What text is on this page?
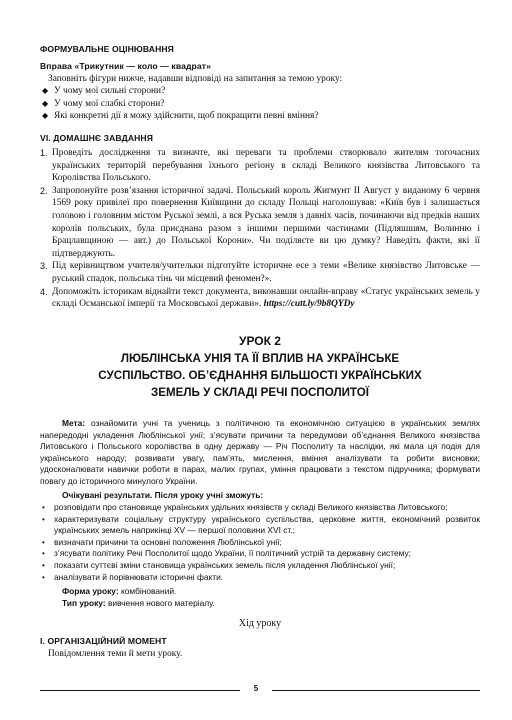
ФОРМУВАЛЬНЕ ОЦІНЮВАННЯ
Вправа «Трикутник — коло — квадрат»
Заповніть фігури нижче, надавши відповіді на запитання за темою уроку:
◆ У чому мої сильні сторони?
◆ У чому мої слабкі сторони?
◆ Які конкретні дії я можу здійснити, щоб покращити певні вміння?
VI. ДОМАШНЄ ЗАВДАННЯ
1. Проведіть дослідження та визначте, які переваги та проблеми створювало жителям тогочасних українських територій перебування їхнього регіону в складі Великого князівства Литовського та Королівства Польського.
2. Запропонуйте розв’язання історичної задачі. Польський король Жигмунт ІІ Август у виданому 6 червня 1569 року привілеї про повернення Київщини до складу Польщі наголошував: «Київ був і залишається головою і головним містом Руської землі, а вся Руська земля з давніх часів, починаючи від предків наших королів польських, була приєднана разом з іншими першими частинами (Підляшшям, Волинню і Брацлавщиною — авт.) до Польської Корони». Чи поділяєте ви цю думку? Наведіть факти, які її підтверджують.
3. Під керівництвом учителя/учительки підготуйте історичне есе з теми «Велике князівство Литовське — руський спадок, польська тінь чи місцевий феномен?».
4. Допоможіть історикам віднайти текст документа, виконавши онлайн-вправу «Статус українських земель у складі Османської імперії та Московської держави». https://cutt.ly/9b8QYDy
УРОК 2
ЛЮБЛІНСЬКА УНІЯ ТА ЇЇ ВПЛИВ НА УКРАЇНСЬКЕ
СУСПІЛЬСТВО. ОБ’ЄДНАННЯ БІЛЬШОСТІ УКРАЇНСЬКИХ
ЗЕМЕЛЬ У СКЛАДІ РЕЧІ ПОСПОЛИТОЇ

Мета: ознайомити учні та учениць з політичною та економічною ситуацією в українських землях напередодні укладення Люблінської унії; з’ясувати причини та передумови об’єднання Великого князівства Литовського і Польського королівства в одну державу — Річ Посполиту та наслідки, які мала ця подія для українського народу; розвивати увагу, пам’ять, мислення, вміння аналізувати та робити висновки; удосконалювати навички роботи в парах, малих групах, уміння працювати з текстом підручника; формувати повагу до історичного минулого України.

Очікувані результати. Після уроку учні зможуть:
• розповідати про становище українських удільних князівств у складі Великого князівства Литовського;
• характеризувати соціальну структуру українського суспільства, церковне життя, економічний розвиток українських земель наприкінці XV — першої половини XVI ст.;
• визначати причини та основні положення Люблінської унії;
• з’ясувати політику Речі Посполитої щодо України, її політичний устрій та державну систему;
• показати суттєві зміни становища українських земель після укладення Люблінської унії;
• аналізувати й порівнювати історичні факти.
Форма уроку: комбінований.
Тип уроку: вивчення нового матеріалу.
Хід уроку
І. ОРГАНІЗАЦІЙНИЙ МОМЕНТ
Повідомлення теми й мети уроку.
5
